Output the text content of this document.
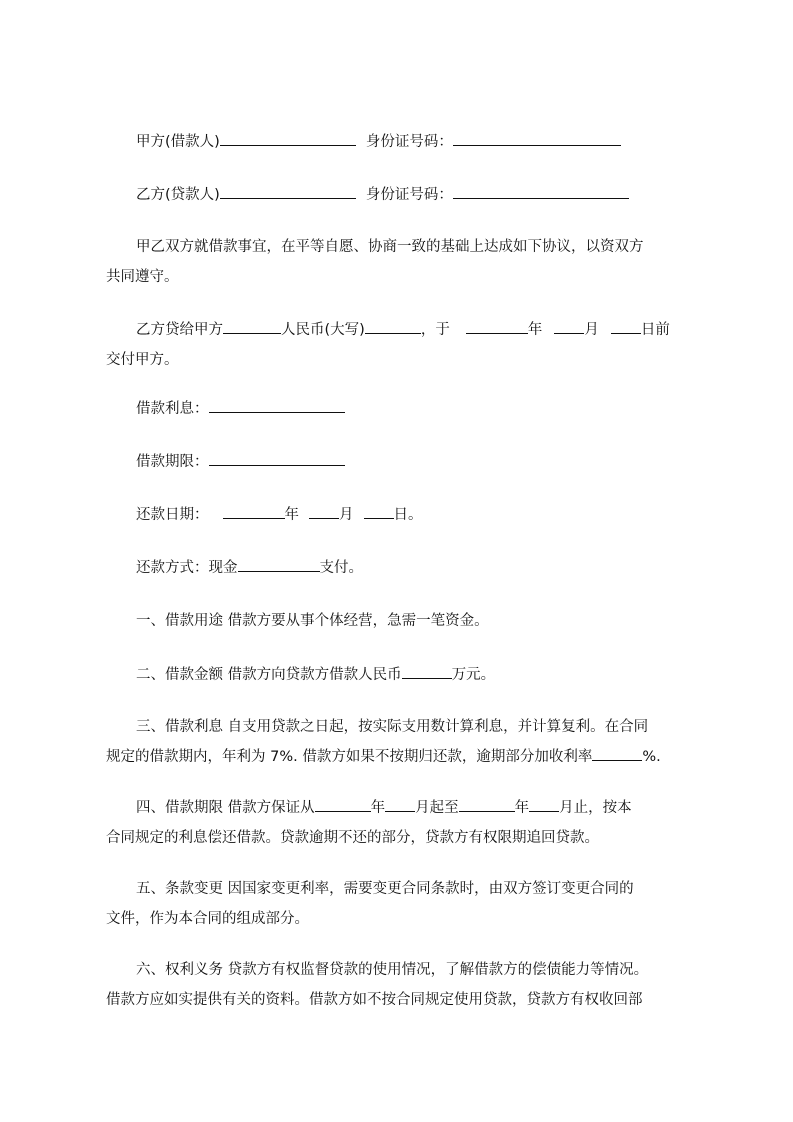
甲方(借款人)	身份证号码：
乙方(贷款人)	身份证号码：
甲乙双方就借款事宜，在平等自愿、协商一致的基础上达成如下协议，以资双方
共同遵守。
乙方贷给甲方	人民币(大写)	，于	年	月	日前
交付甲方。
借款利息：
借款期限：
还款日期：	年	月	日。
还款方式：现金	支付。
一、借款用途 借款方要从事个体经营，急需一笔资金。
二、借款金额 借款方向贷款方借款人民币	万元。
三、借款利息 自支用贷款之日起，按实际支用数计算利息，并计算复利。在合同
规定的借款期内，年利为 7%. 借款方如果不按期归还款，逾期部分加收利率	%.
四、借款期限 借款方保证从	年 月起至	年 月止，按本
合同规定的利息偿还借款。贷款逾期不还的部分，贷款方有权限期追回贷款。
五、条款变更 因国家变更利率，需要变更合同条款时，由双方签订变更合同的
文件，作为本合同的组成部分。
六、权利义务 贷款方有权监督贷款的使用情况，了解借款方的偿债能力等情况。
借款方应如实提供有关的资料。借款方如不按合同规定使用贷款，贷款方有权收回部
